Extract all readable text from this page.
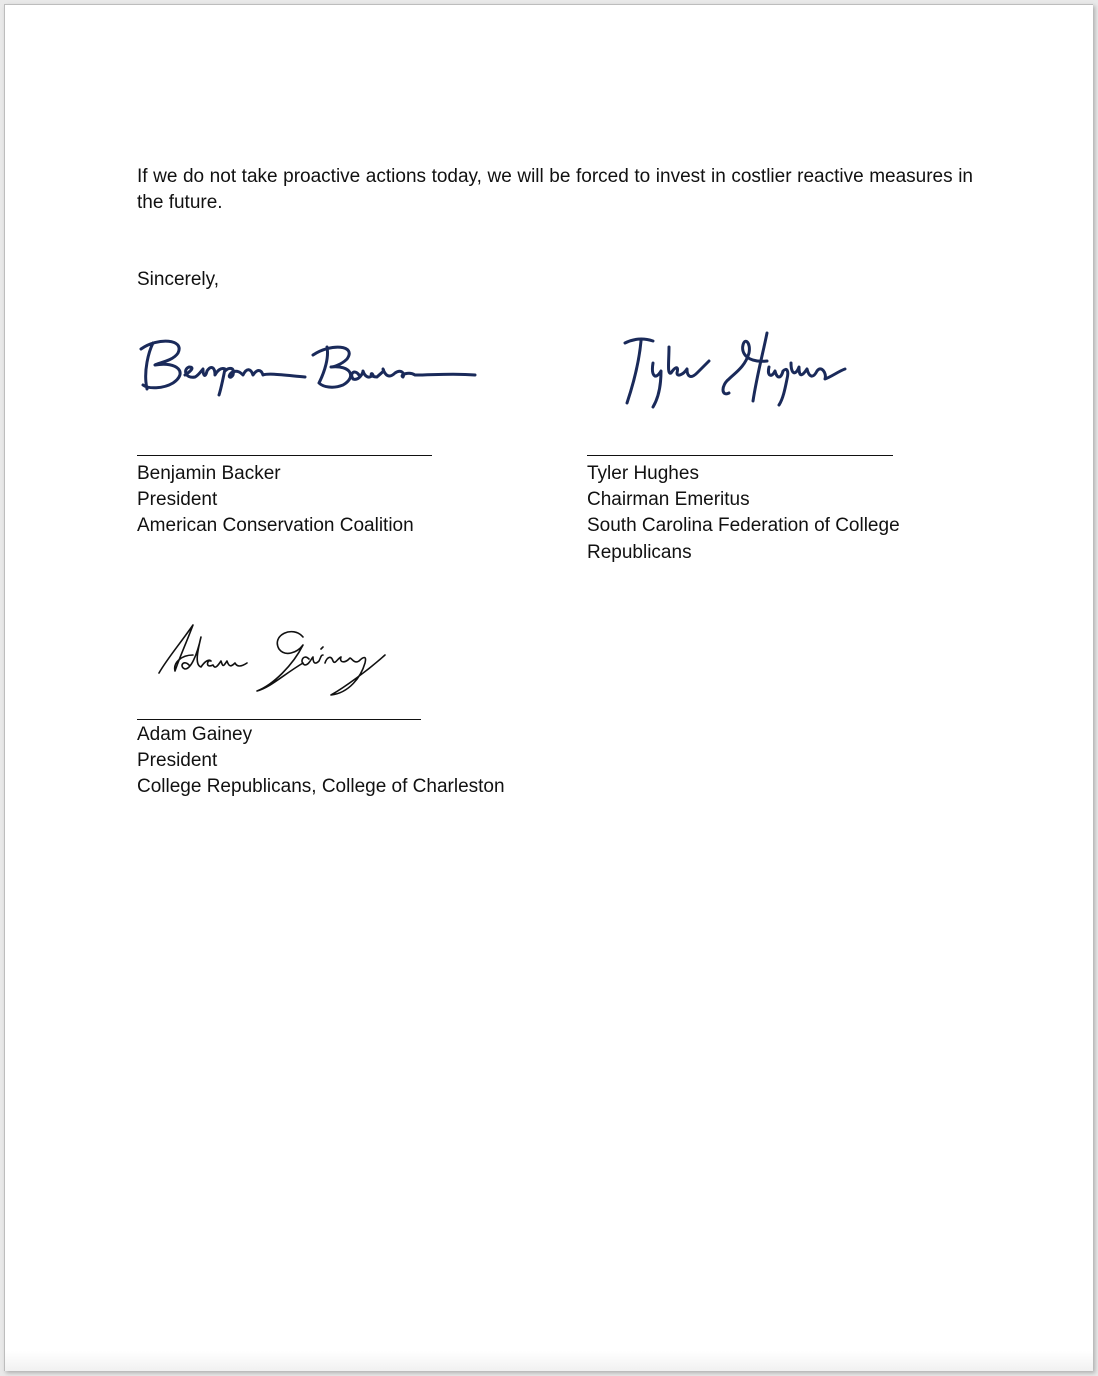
If we do not take proactive actions today, we will be forced to invest in costlier reactive measures in the future.

Sincerely,

Benjamin Backer
President
American Conservation Coalition
Tyler Hughes
Chairman Emeritus
South Carolina Federation of College
Republicans
Adam Gainey
President
College Republicans, College of Charleston
